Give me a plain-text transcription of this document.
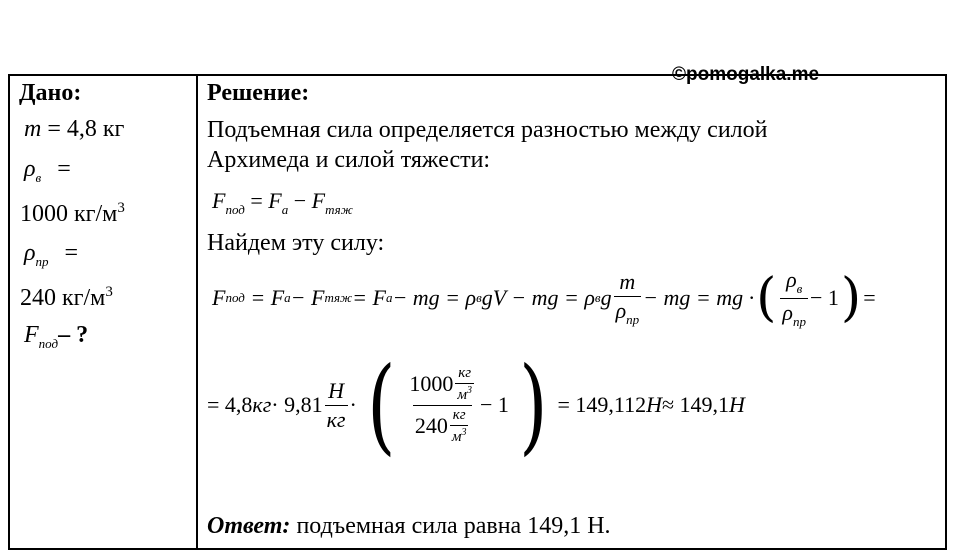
©pomogalka.me
Дано:
m = 4,8 кг
$\rho_в$ =
1000 $кг/м^3$
$\rho_{пр}$ =
240 $кг/м^3$
$F_{под}-$ ?
Решение:
Подъемная сила определяется разностью между силой
Архимеда и силой тяжести:
$F_{под} = F_a - F_{тяж}$
Найдем эту силу:
F под
= F a − F тяж = F a − mg = ρ в gV − mg = ρ в g $\frac{m}{\rho_{пр}}$ − mg = mg · ( $\frac{\rho_в}{\rho_{пр}} - 1$ ) =
= 4,8 кг · $9,81 \frac{H}{кг}$ · ( $\frac{1000 \frac{кг}{м^3}}{240 \frac{кг}{м^3}} - 1$ ) = 149,112 H ≈ 149,1 H
Ответ: подъемная сила равна 149,1 Н.
